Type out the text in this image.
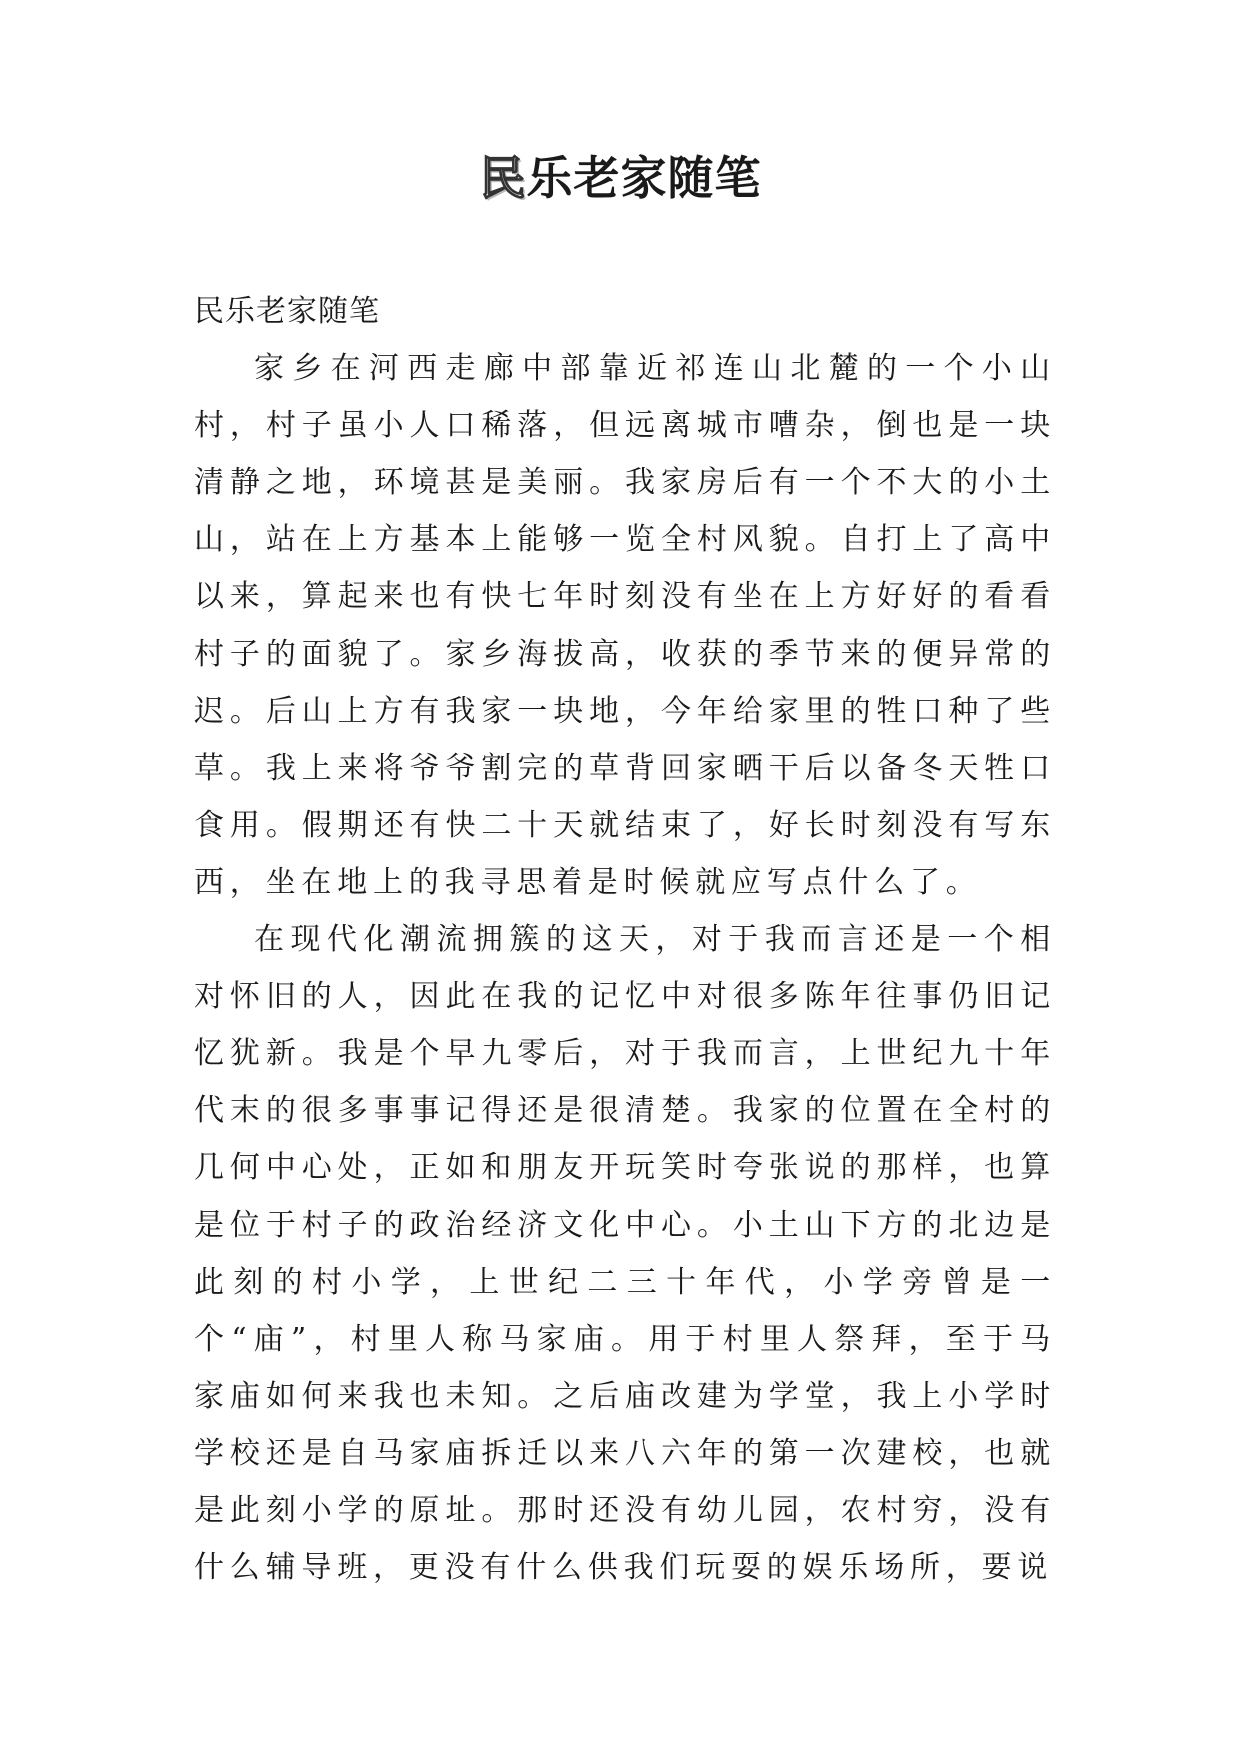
民乐老家随笔

民乐老家随笔

家乡在河西走廊中部靠近祁连山北麓的一个小山村，村子虽小人口稀落，但远离城市嘈杂，倒也是一块清静之地，环境甚是美丽。我家房后有一个不大的小土山，站在上方基本上能够一览全村风貌。自打上了高中以来，算起来也有快七年时刻没有坐在上方好好的看看村子的面貌了。家乡海拔高，收获的季节来的便异常的迟。后山上方有我家一块地，今年给家里的牲口种了些草。我上来将爷爷割完的草背回家晒干后以备冬天牲口食用。假期还有快二十天就结束了，好长时刻没有写东西，坐在地上的我寻思着是时候就应写点什么了。

在现代化潮流拥簇的这天，对于我而言还是一个相对怀旧的人，因此在我的记忆中对很多陈年往事仍旧记忆犹新。我是个早九零后，对于我而言，上世纪九十年代末的很多事事记得还是很清楚。我家的位置在全村的几何中心处，正如和朋友开玩笑时夸张说的那样，也算是位于村子的政治经济文化中心。小土山下方的北边是此刻的村小学，上世纪二三十年代，小学旁曾是一个“庙”，村里人称马家庙。用于村里人祭拜，至于马家庙如何来我也未知。之后庙改建为学堂，我上小学时学校还是自马家庙拆迁以来八六年的第一次建校，也就是此刻小学的原址。那时还没有幼儿园，农村穷，没有什么辅导班，更没有什么供我们玩耍的娱乐场所，要说
